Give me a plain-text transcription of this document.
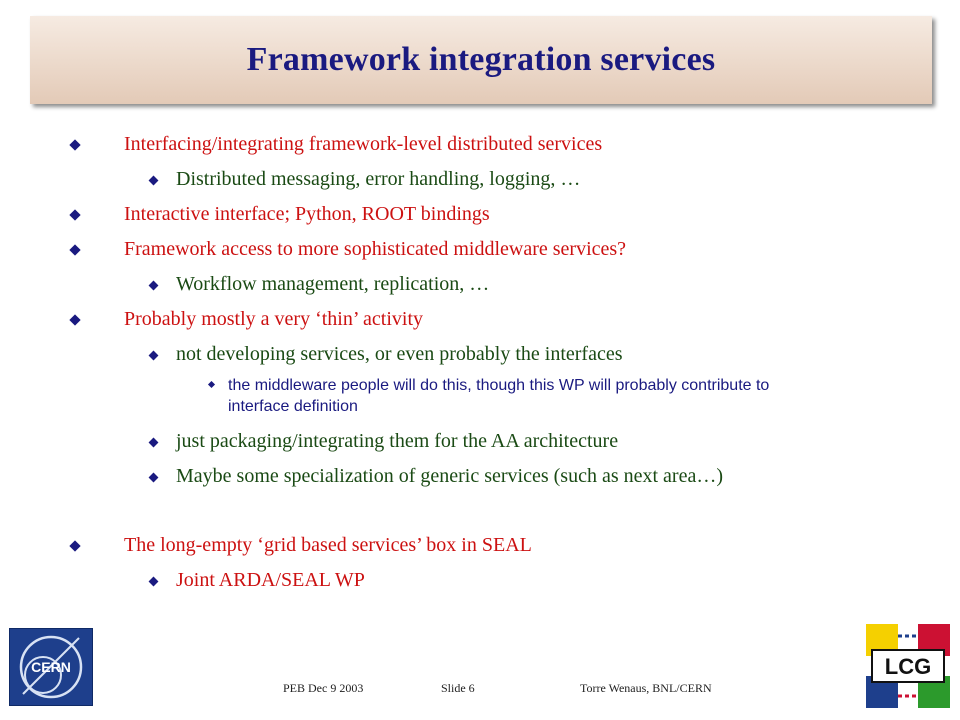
Framework integration services
Interfacing/integrating framework-level distributed services
Distributed messaging, error handling, logging, …
Interactive interface; Python, ROOT bindings
Framework access to more sophisticated middleware services?
Workflow management, replication, …
Probably mostly a very ‘thin’ activity
not developing services, or even probably the interfaces
the middleware people will do this, though this WP will probably contribute to interface definition
just packaging/integrating them for the AA architecture
Maybe some specialization of generic services (such as next area…)
The long-empty ‘grid based services’ box in SEAL
Joint ARDA/SEAL WP
CERN	LCG
PEB Dec 9 2003	Slide 6	Torre Wenaus, BNL/CERN
